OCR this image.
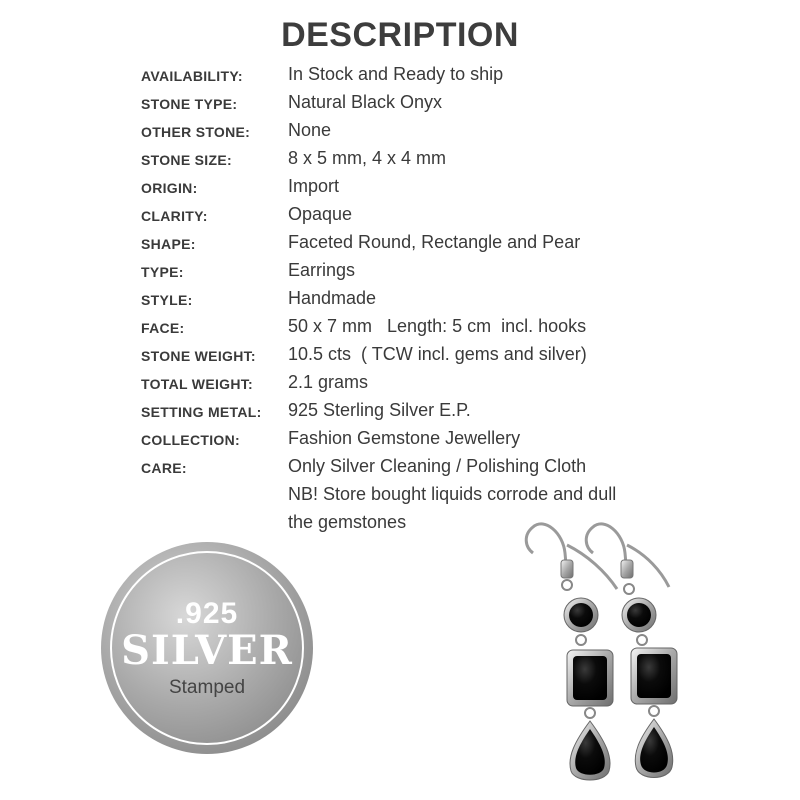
DESCRIPTION
AVAILABILITY:	In Stock and Ready to ship
STONE TYPE:	Natural Black Onyx
OTHER STONE: None
STONE SIZE:	8 x 5 mm, 4 x 4 mm
ORIGIN:	Import
CLARITY:	Opaque
SHAPE:	Faceted Round, Rectangle and Pear
TYPE:	Earrings
STYLE:	Handmade
FACE:	50 x 7 mm   Length: 5 cm  incl. hooks
STONE WEIGHT: 10.5 cts  ( TCW incl. gems and silver)
TOTAL WEIGHT: 2.1 grams
SETTING METAL: 925 Sterling Silver E.P.
COLLECTION:	Fashion Gemstone Jewellery
CARE:	Only Silver Cleaning / Polishing Cloth
NB! Store bought liquids corrode and dull
the gemstones
.925
SILVER
Stamped
